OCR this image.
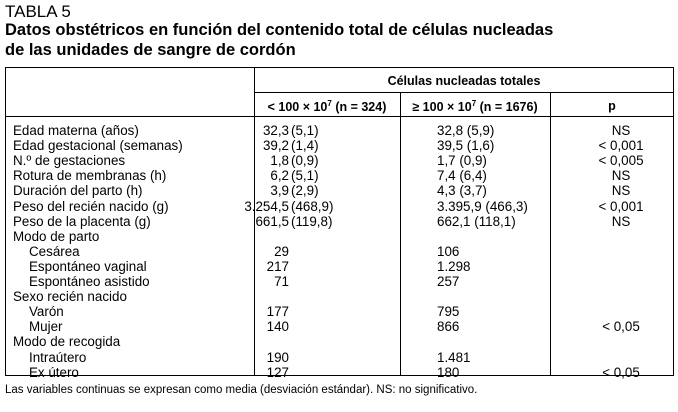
TABLA 5
Datos obstétricos en función del contenido total de células nucleadas
de las unidades de sangre de cordón
Células nucleadas totales
< $100 \times 10^7$ (n = 324)	≥ $100 \times 10^7$ (n = 1676)	p
Edad materna (años)	32,3 (5,1)	32,8 (5,9)	NS
Edad gestacional (semanas)	39,2 (1,4)	39,5 (1,6)	< 0,001
N.º de gestaciones	1,8 (0,9)	1,7 (0,9)	< 0,005
Rotura de membranas (h)	6,2 (5,1)	7,4 (6,4)	NS
Duración del parto (h)	3,9 (2,9)	4,3 (3,7)	NS
Peso del recién nacido (g)	3.254,5 (468,9)	3.395,9 (466,3)	< 0,001
Peso de la placenta (g)	661,5 (119,8)	662,1 (118,1)	NS
Modo de parto
Cesárea	29	106
Espontáneo vaginal	217	1.298
Espontáneo asistido	71	257
Sexo recién nacido
Varón	177	795
Mujer	140	866	< 0,05
Modo de recogida
Intraútero	190	1.481
Ex útero	127	180	< 0,05
Las variables continuas se expresan como media (desviación estándar). NS: no significativo.
